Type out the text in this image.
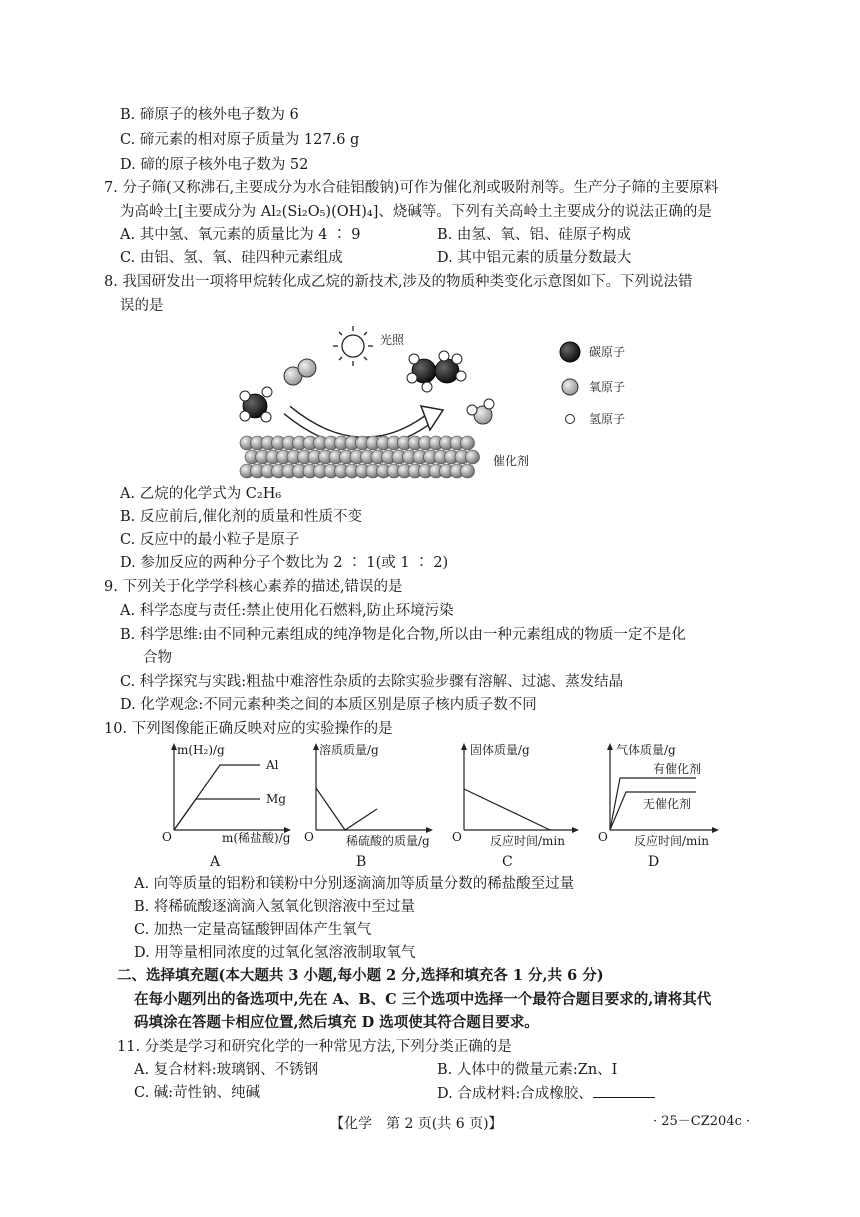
B. 碲原子的核外电子数为 6
C. 碲元素的相对原子质量为 127.6 g
D. 碲的原子核外电子数为 52
7. 分子筛(又称沸石,主要成分为水合硅铝酸钠)可作为催化剂或吸附剂等。生产分子筛的主要原料
为高岭土[主要成分为 Al₂(Si₂O₅)(OH)₄]、烧碱等。下列有关高岭土主要成分的说法正确的是
A. 其中氢、氧元素的质量比为 4 ∶ 9	B. 由氢、氧、铝、硅原子构成
C. 由铝、氢、氧、硅四种元素组成	D. 其中铝元素的质量分数最大
8. 我国研发出一项将甲烷转化成乙烷的新技术,涉及的物质种类变化示意图如下。下列说法错
误的是
光照
催化剂
碳原子
氧原子
氢原子
A. 乙烷的化学式为 C₂H₆
B. 反应前后,催化剂的质量和性质不变
C. 反应中的最小粒子是原子
D. 参加反应的两种分子个数比为 2 ∶ 1(或 1 ∶ 2)
9. 下列关于化学学科核心素养的描述,错误的是
A. 科学态度与责任:禁止使用化石燃料,防止环境污染
B. 科学思维:由不同种元素组成的纯净物是化合物,所以由一种元素组成的物质一定不是化
合物
C. 科学探究与实践:粗盐中难溶性杂质的去除实验步骤有溶解、过滤、蒸发结晶
D. 化学观念:不同元素种类之间的本质区别是原子核内质子数不同
10. 下列图像能正确反映对应的实验操作的是
m(H₂)/g
Al
Mg
O	m(稀盐酸)/g
A
溶质质量/g
O	稀硫酸的质量/g
B
固体质量/g
O 反应时间/min
C
气体质量/g
有催化剂
无催化剂
O 反应时间/min
D
A. 向等质量的铝粉和镁粉中分别逐滴滴加等质量分数的稀盐酸至过量
B. 将稀硫酸逐滴滴入氢氧化钡溶液中至过量
C. 加热一定量高锰酸钾固体产生氧气
D. 用等量相同浓度的过氧化氢溶液制取氧气
二、选择填充题(本大题共 3 小题,每小题 2 分,选择和填充各 1 分,共 6 分)
在每小题列出的备选项中,先在 A、B、C 三个选项中选择一个最符合题目要求的,请将其代
码填涂在答题卡相应位置,然后填充 D 选项使其符合题目要求。
11. 分类是学习和研究化学的一种常见方法,下列分类正确的是
A. 复合材料:玻璃钢、不锈钢	B. 人体中的微量元素:Zn、I
C. 碱:苛性钠、纯碱	D. 合成材料:合成橡胶、
【化学　第 2 页(共 6 页)】	· 25－CZ204c ·
